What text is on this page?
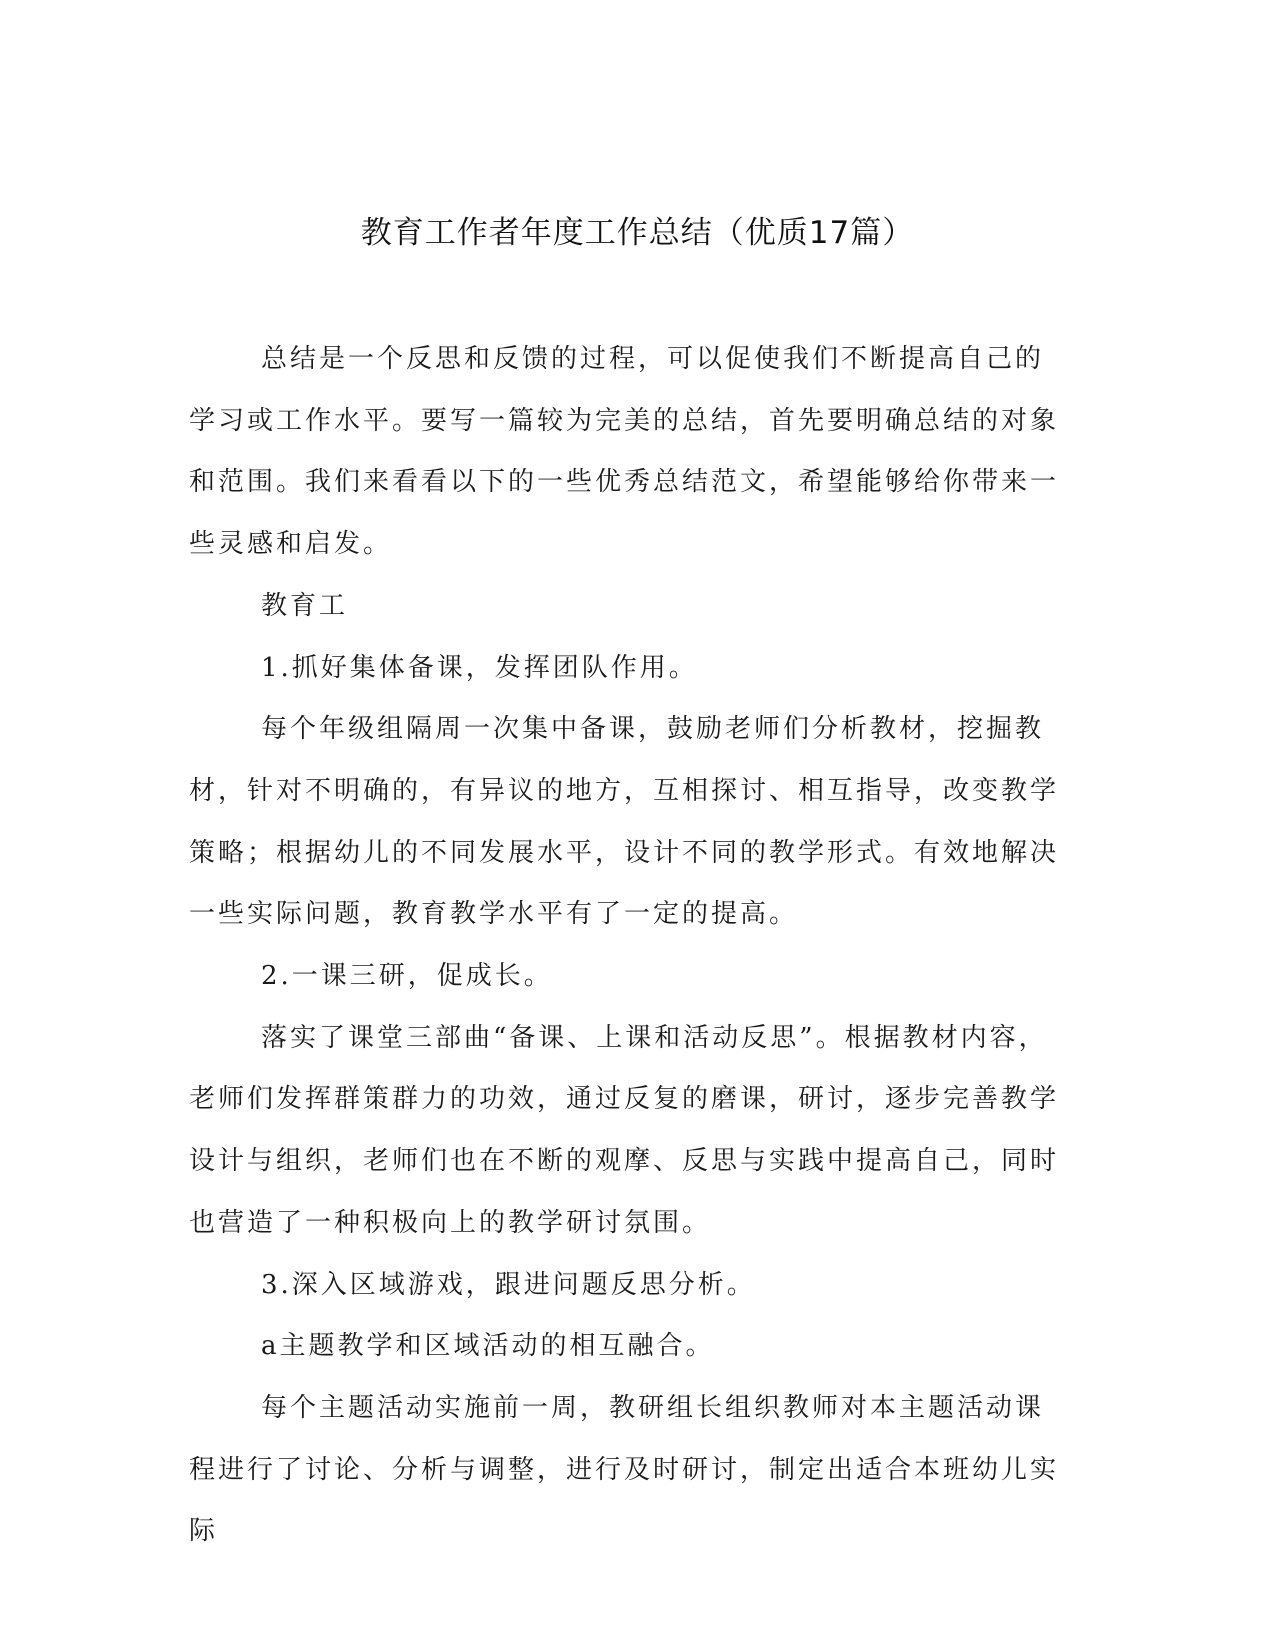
教育工作者年度工作总结（优质17篇）

总结是一个反思和反馈的过程，可以促使我们不断提高自己的学习或工作水平。要写一篇较为完美的总结，首先要明确总结的对象和范围。我们来看看以下的一些优秀总结范文，希望能够给你带来一些灵感和启发。

教育工

1.抓好集体备课，发挥团队作用。

每个年级组隔周一次集中备课，鼓励老师们分析教材，挖掘教材，针对不明确的，有异议的地方，互相探讨、相互指导，改变教学策略；根据幼儿的不同发展水平，设计不同的教学形式。有效地解决一些实际问题，教育教学水平有了一定的提高。

2.一课三研，促成长。

落实了课堂三部曲“备课、上课和活动反思”。根据教材内容，老师们发挥群策群力的功效，通过反复的磨课，研讨，逐步完善教学设计与组织，老师们也在不断的观摩、反思与实践中提高自己，同时也营造了一种积极向上的教学研讨氛围。

3.深入区域游戏，跟进问题反思分析。

a主题教学和区域活动的相互融合。

每个主题活动实施前一周，教研组长组织教师对本主题活动课程进行了讨论、分析与调整，进行及时研讨，制定出适合本班幼儿实际
